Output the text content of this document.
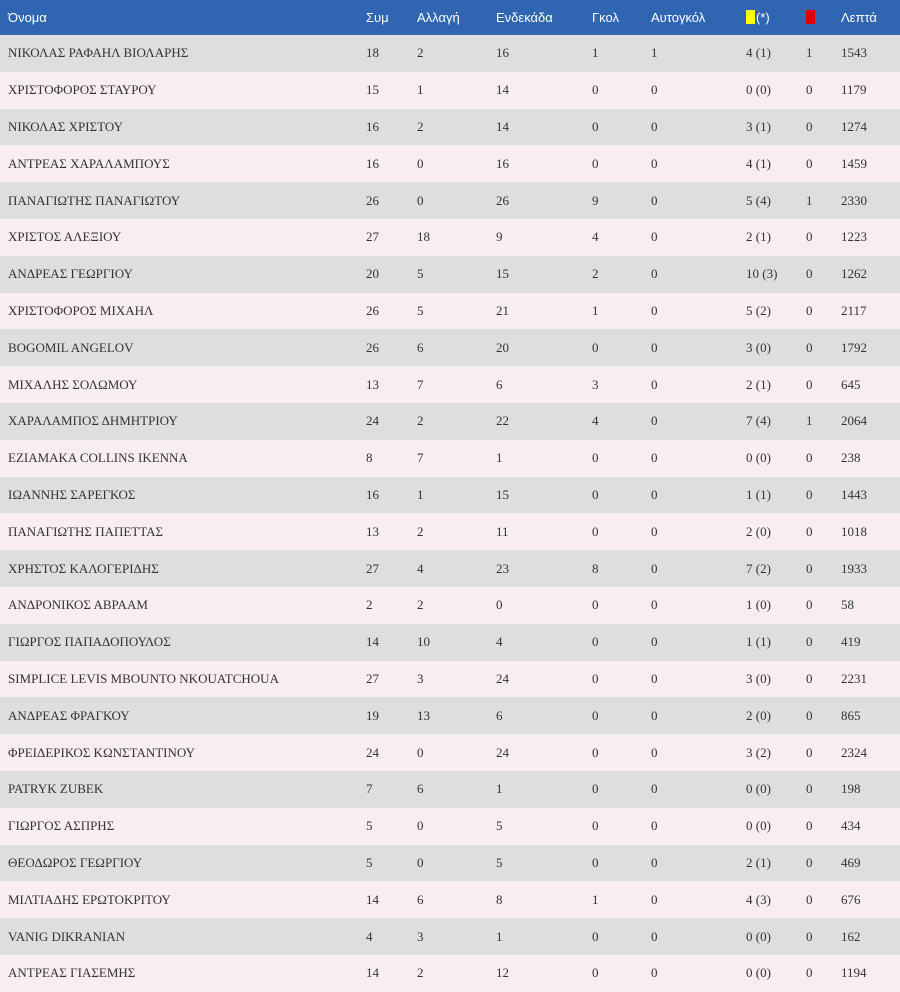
Όνομα	Συμ	Αλλαγή	Ενδεκάδα	Γκολ	Αυτογκόλ	(*)		Λεπτά
ΝΙΚΟΛΑΣ ΡΑΦΑΗΛ ΒΙΟΛΑΡΗΣ	18	2	16	1	1	4 (1)	1	1543
ΧΡΙΣΤΟΦΟΡΟΣ ΣΤΑΥΡΟΥ	15	1	14	0	0	0 (0)	0	1179
ΝΙΚΟΛΑΣ ΧΡΙΣΤΟΥ	16	2	14	0	0	3 (1)	0	1274
ΑΝΤΡΕΑΣ ΧΑΡΑΛΑΜΠΟΥΣ	16	0	16	0	0	4 (1)	0	1459
ΠΑΝΑΓΙΩΤΗΣ ΠΑΝΑΓΙΩΤΟΥ	26	0	26	9	0	5 (4)	1	2330
ΧΡΙΣΤΟΣ ΑΛΕΞΙΟΥ	27	18	9	4	0	2 (1)	0	1223
ΑΝΔΡΕΑΣ ΓΕΩΡΓΙΟΥ	20	5	15	2	0	10 (3)	0	1262
ΧΡΙΣΤΟΦΟΡΟΣ ΜΙΧΑΗΛ	26	5	21	1	0	5 (2)	0	2117
BOGOMIL ANGELOV	26	6	20	0	0	3 (0)	0	1792
ΜΙΧΑΛΗΣ ΣΟΛΩΜΟΥ	13	7	6	3	0	2 (1)	0	645
ΧΑΡΑΛΑΜΠΟΣ ΔΗΜΗΤΡΙΟΥ	24	2	22	4	0	7 (4)	1	2064
EZIAMAKA COLLINS IKENNA	8	7	1	0	0	0 (0)	0	238
ΙΩΑΝΝΗΣ ΣΑΡΕΓΚΟΣ	16	1	15	0	0	1 (1)	0	1443
ΠΑΝΑΓΙΩΤΗΣ ΠΑΠΕΤΤΑΣ	13	2	11	0	0	2 (0)	0	1018
ΧΡΗΣΤΟΣ ΚΑΛΟΓΕΡΙΔΗΣ	27	4	23	8	0	7 (2)	0	1933
ΑΝΔΡΟΝΙΚΟΣ ΑΒΡΑΑΜ	2	2	0	0	0	1 (0)	0	58
ΓΙΩΡΓΟΣ ΠΑΠΑΔΟΠΟΥΛΟΣ	14	10	4	0	0	1 (1)	0	419
SIMPLICE LEVIS MBOUNTO NKOUATCHOUA	27	3	24	0	0	3 (0)	0	2231
ΑΝΔΡΕΑΣ ΦΡΑΓΚΟΥ	19	13	6	0	0	2 (0)	0	865
ΦΡΕΙΔΕΡΙΚΟΣ ΚΩΝΣΤΑΝΤΙΝΟΥ	24	0	24	0	0	3 (2)	0	2324
PATRYK ZUBEK	7	6	1	0	0	0 (0)	0	198
ΓΙΩΡΓΟΣ ΑΣΠΡΗΣ	5	0	5	0	0	0 (0)	0	434
ΘΕΟΔΩΡΟΣ ΓΕΩΡΓΙΟΥ	5	0	5	0	0	2 (1)	0	469
ΜΙΛΤΙΑΔΗΣ ΕΡΩΤΟΚΡΙΤΟΥ	14	6	8	1	0	4 (3)	0	676
VANIG DIKRANIAN	4	3	1	0	0	0 (0)	0	162
ΑΝΤΡΕΑΣ ΓΙΑΣΕΜΗΣ	14	2	12	0	0	0 (0)	0	1194
